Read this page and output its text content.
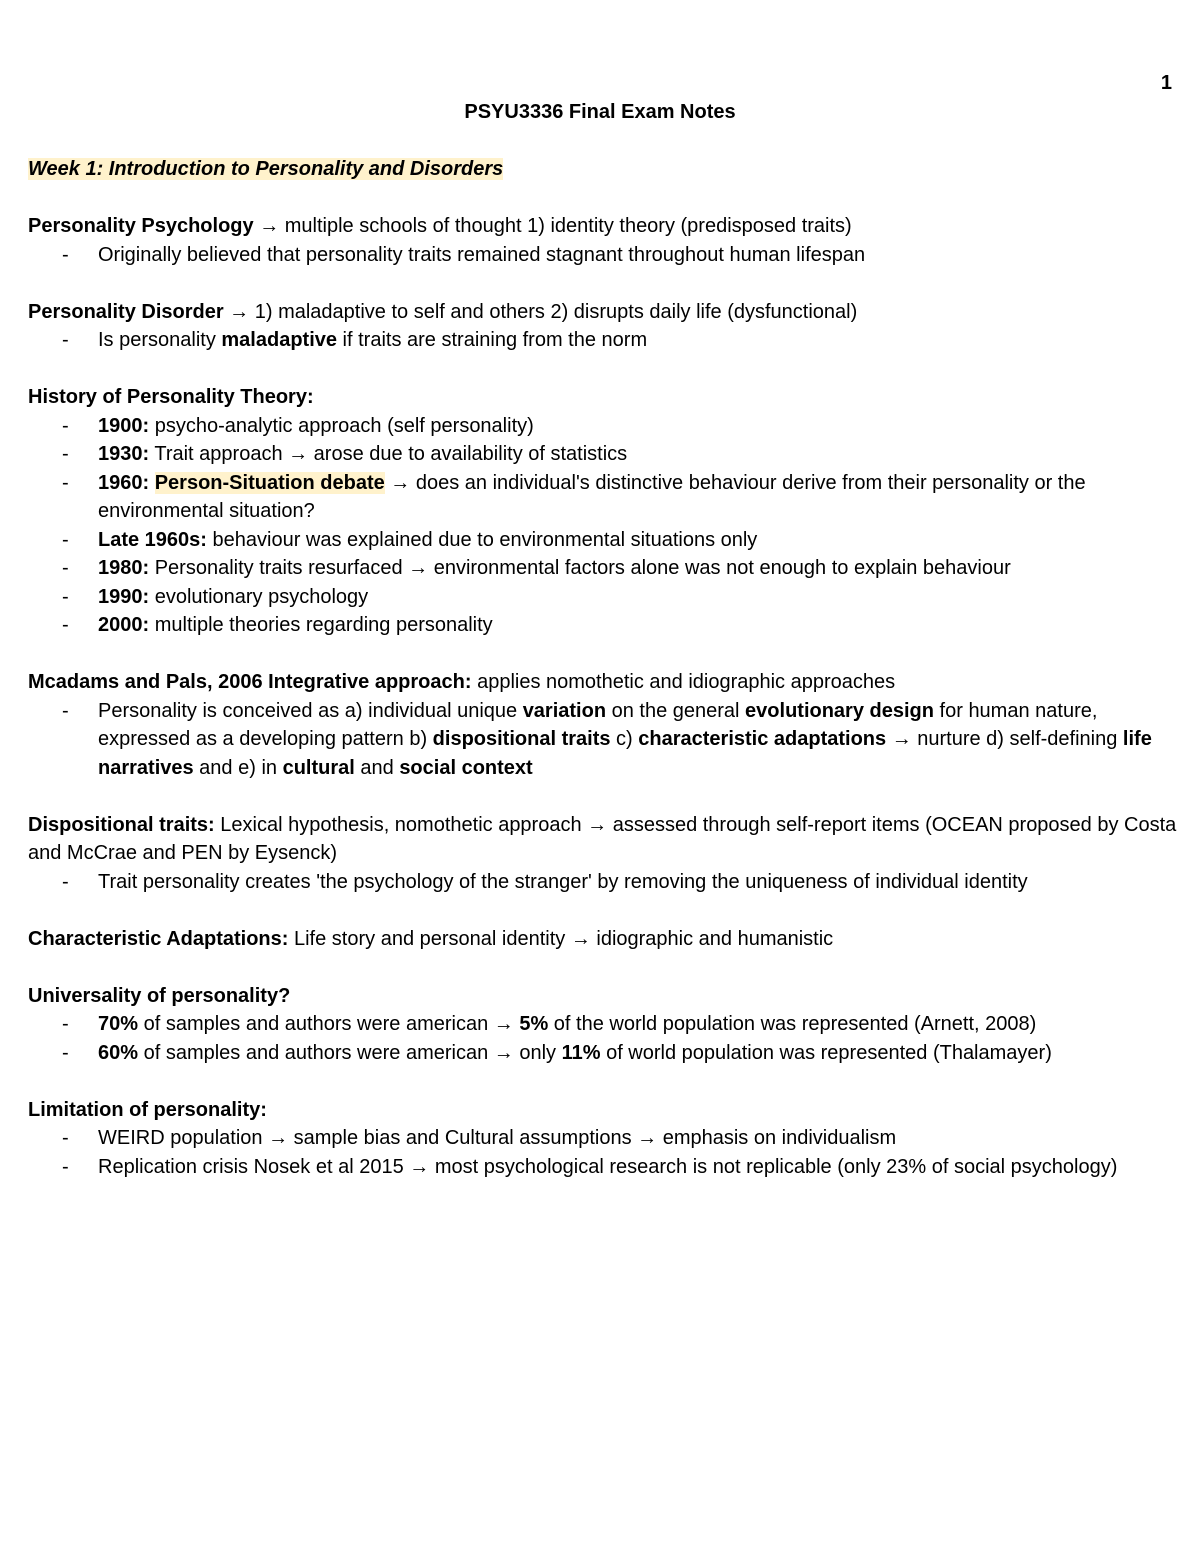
1
PSYU3336 Final Exam Notes

Week 1: Introduction to Personality and Disorders

Personality Psychology → multiple schools of thought 1) identity theory (predisposed traits)

- Originally believed that personality traits remained stagnant throughout human lifespan

Personality Disorder → 1) maladaptive to self and others 2) disrupts daily life (dysfunctional)

- Is personality maladaptive if traits are straining from the norm

History of Personality Theory:

- 1900: psycho-analytic approach (self personality)
- 1930: Trait approach → arose due to availability of statistics
- 1960: Person-Situation debate → does an individual's distinctive behaviour derive from their personality or the environmental situation?
- Late 1960s: behaviour was explained due to environmental situations only
- 1980: Personality traits resurfaced → environmental factors alone was not enough to explain behaviour
- 1990: evolutionary psychology
- 2000: multiple theories regarding personality

Mcadams and Pals, 2006 Integrative approach: applies nomothetic and idiographic approaches

- Personality is conceived as a) individual unique variation on the general evolutionary design for human nature, expressed as a developing pattern b) dispositional traits c) characteristic adaptations → nurture d) self-defining life narratives and e) in cultural and social context

Dispositional traits: Lexical hypothesis, nomothetic approach → assessed through self-report items (OCEAN proposed by Costa and McCrae and PEN by Eysenck)

- Trait personality creates 'the psychology of the stranger' by removing the uniqueness of individual identity

Characteristic Adaptations: Life story and personal identity → idiographic and humanistic

Universality of personality?

- 70% of samples and authors were american → 5% of the world population was represented (Arnett, 2008)
- 60% of samples and authors were american → only 11% of world population was represented (Thalamayer)

Limitation of personality:

- WEIRD population → sample bias and Cultural assumptions → emphasis on individualism
- Replication crisis Nosek et al 2015 → most psychological research is not replicable (only 23% of social psychology)
